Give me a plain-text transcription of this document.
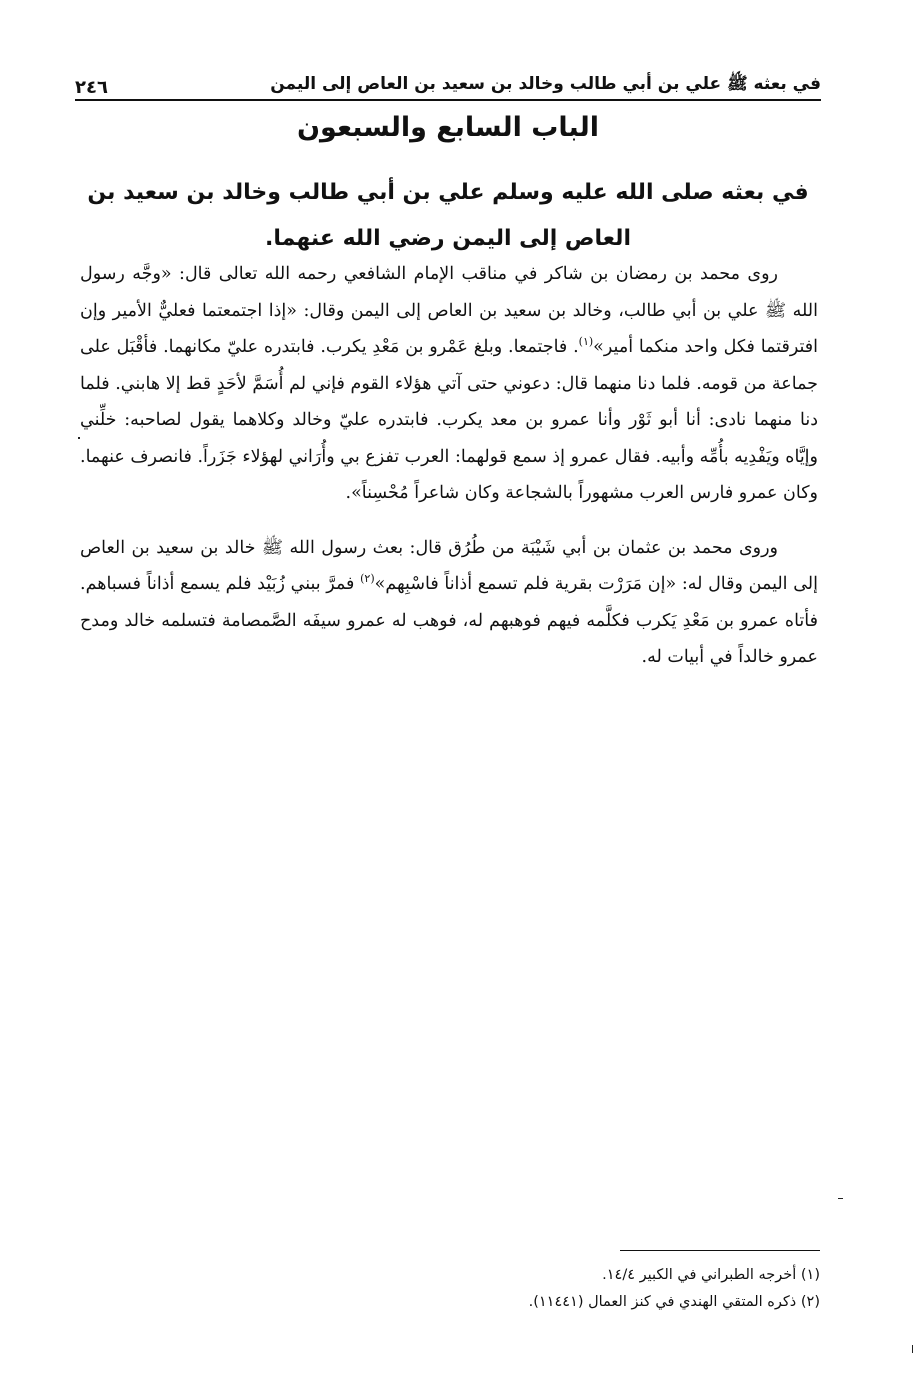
في بعثه ﷺ علي بن أبي طالب وخالد بن سعيد بن العاص إلى اليمن
٢٤٦
الباب السابع والسبعون
في بعثه صلى الله عليه وسلم علي بن أبي طالب وخالد بن سعيد بن العاص إلى اليمن رضي الله عنهما.

روى محمد بن رمضان بن شاكر في مناقب الإمام الشافعي رحمه الله تعالى قال: «وجَّه رسول الله ﷺ علي بن أبي طالب، وخالد بن سعيد بن العاص إلى اليمن وقال: «إذا اجتمعتما فعليٌّ الأمير وإن افترقتما فكل واحد منكما أمير»$^{(١)}$. فاجتمعا. وبلغ عَمْرو بن مَعْدِ يكرب. فابتدره عليّ مكانهما. فأقْبَل على جماعة من قومه. فلما دنا منهما قال: دعوني حتى آتي هؤلاء القوم فإني لم أُسَمَّ لأحَدٍ قط إلا هابني. فلما دنا منهما نادى: أنا أبو ثَوْر وأنا عمرو بن معد يكرب. فابتدره عليّ وخالد وكلاهما يقول لصاحبه: خلِّني وإيَّاه ويَفْدِيه بأُمِّه وأبيه. فقال عمرو إذ سمع قولهما: العرب تفزع بي وأُرَاني لهؤلاء جَزَراً. فانصرف عنهما. وكان عمرو فارس العرب مشهوراً بالشجاعة وكان شاعراً مُحْسِناً».

وروى محمد بن عثمان بن أبي شَيْبَة من طُرُق قال: بعث رسول الله ﷺ خالد بن سعيد بن العاص إلى اليمن وقال له: «إن مَرَرْت بقرية فلم تسمع أذاناً فاسْبِهم»$^{(٢)}$ فمرَّ ببني زُبَيْد فلم يسمع أذاناً فسباهم. فأتاه عمرو بن مَعْدِ يَكرب فكلَّمه فيهم فوهبهم له، فوهب له عمرو سيفَه الصَّمصامة فتسلمه خالد ومدح عمرو خالداً في أبيات له.

(١) أخرجه الطبراني في الكبير ١٤/٤.

(٢) ذكره المتقي الهندي في كنز العمال (١١٤٤١).
